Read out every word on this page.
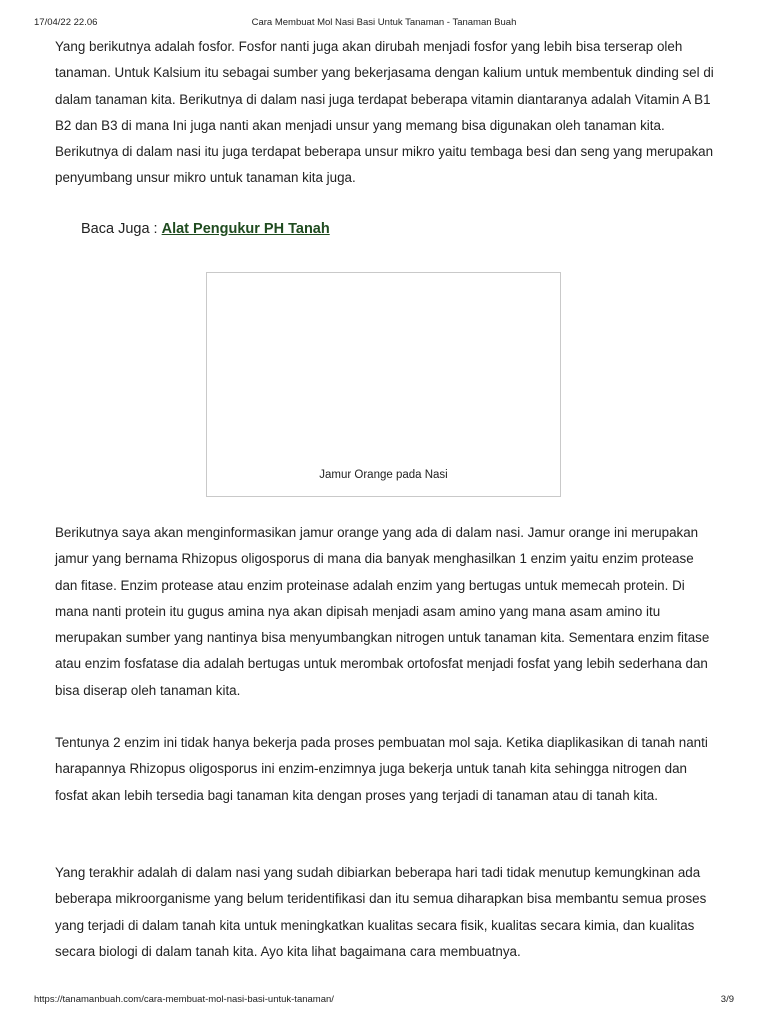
17/04/22 22.06	Cara Membuat Mol Nasi Basi Untuk Tanaman - Tanaman Buah

Yang berikutnya adalah fosfor. Fosfor nanti juga akan dirubah menjadi fosfor yang lebih bisa terserap oleh tanaman. Untuk Kalsium itu sebagai sumber yang bekerjasama dengan kalium untuk membentuk dinding sel di dalam tanaman kita. Berikutnya di dalam nasi juga terdapat beberapa vitamin diantaranya adalah Vitamin A B1 B2 dan B3 di mana Ini juga nanti akan menjadi unsur yang memang bisa digunakan oleh tanaman kita. Berikutnya di dalam nasi itu juga terdapat beberapa unsur mikro yaitu tembaga besi dan seng yang merupakan penyumbang unsur mikro untuk tanaman kita juga.

Baca Juga : Alat Pengukur PH Tanah
Jamur Orange pada Nasi

Berikutnya saya akan menginformasikan jamur orange yang ada di dalam nasi. Jamur orange ini merupakan jamur yang bernama Rhizopus oligosporus di mana dia banyak menghasilkan 1 enzim yaitu enzim protease dan fitase. Enzim protease atau enzim proteinase adalah enzim yang bertugas untuk memecah protein. Di mana nanti protein itu gugus amina nya akan dipisah menjadi asam amino yang mana asam amino itu merupakan sumber yang nantinya bisa menyumbangkan nitrogen untuk tanaman kita. Sementara enzim fitase atau enzim fosfatase dia adalah bertugas untuk merombak ortofosfat menjadi fosfat yang lebih sederhana dan bisa diserap oleh tanaman kita.

Tentunya 2 enzim ini tidak hanya bekerja pada proses pembuatan mol saja. Ketika diaplikasikan di tanah nanti harapannya Rhizopus oligosporus ini enzim-enzimnya juga bekerja untuk tanah kita sehingga nitrogen dan fosfat akan lebih tersedia bagi tanaman kita dengan proses yang terjadi di tanaman atau di tanah kita.

Yang terakhir adalah di dalam nasi yang sudah dibiarkan beberapa hari tadi tidak menutup kemungkinan ada beberapa mikroorganisme yang belum teridentifikasi dan itu semua diharapkan bisa membantu semua proses yang terjadi di dalam tanah kita untuk meningkatkan kualitas secara fisik, kualitas secara kimia, dan kualitas secara biologi di dalam tanah kita. Ayo kita lihat bagaimana cara membuatnya.

https://tanamanbuah.com/cara-membuat-mol-nasi-basi-untuk-tanaman/	3/9
